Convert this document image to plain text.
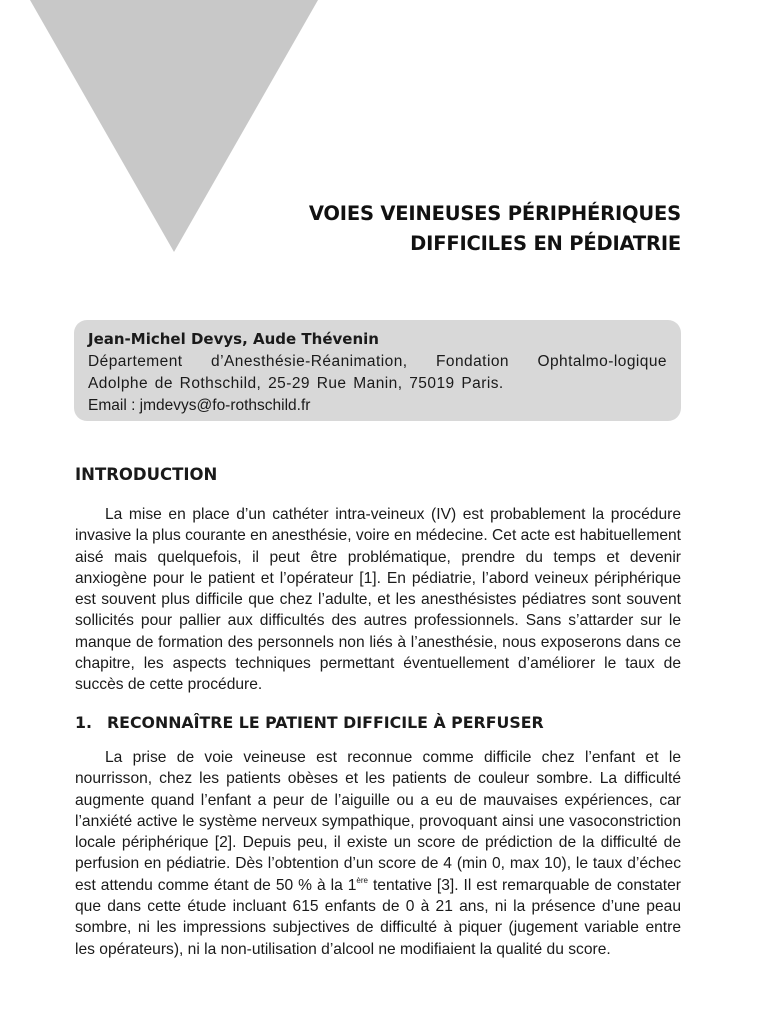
VOIES VEINEUSES PÉRIPHÉRIQUES
DIFFICILES EN PÉDIATRIE
Jean-Michel Devys, Aude Thévenin
Département d’Anesthésie-Réanimation, Fondation Ophtalmo-logique Adolphe de Rothschild, 25-29 Rue Manin, 75019 Paris.
Email : jmdevys@fo-rothschild.fr
INTRODUCTION

La mise en place d’un cathéter intra-veineux (IV) est probablement la procédure invasive la plus courante en anesthésie, voire en médecine. Cet acte est habituellement aisé mais quelquefois, il peut être problématique, prendre du temps et devenir anxiogène pour le patient et l’opérateur [1]. En pédiatrie, l’abord veineux périphérique est souvent plus difficile que chez l’adulte, et les anesthésistes pédiatres sont souvent sollicités pour pallier aux difficultés des autres professionnels. Sans s’attarder sur le manque de formation des personnels non liés à l’anesthésie, nous exposerons dans ce chapitre, les aspects techniques permettant éventuellement d’améliorer le taux de succès de cette procédure.

1. RECONNAÎTRE LE PATIENT DIFFICILE À PERFUSER

La prise de voie veineuse est reconnue comme difficile chez l’enfant et le nourrisson, chez les patients obèses et les patients de couleur sombre. La difficulté augmente quand l’enfant a peur de l’aiguille ou a eu de mauvaises expériences, car l’anxiété active le système nerveux sympathique, provoquant ainsi une vasoconstriction locale périphérique [2]. Depuis peu, il existe un score de prédiction de la difficulté de perfusion en pédiatrie. Dès l’obtention d’un score de 4 (min 0, max 10), le taux d’échec est attendu comme étant de 50 % à la 1ère tentative [3]. Il est remarquable de constater que dans cette étude incluant 615 enfants de 0 à 21 ans, ni la présence d’une peau sombre, ni les impressions subjectives de difficulté à piquer (jugement variable entre les opérateurs), ni la non-utilisation d’alcool ne modifiaient la qualité du score.
